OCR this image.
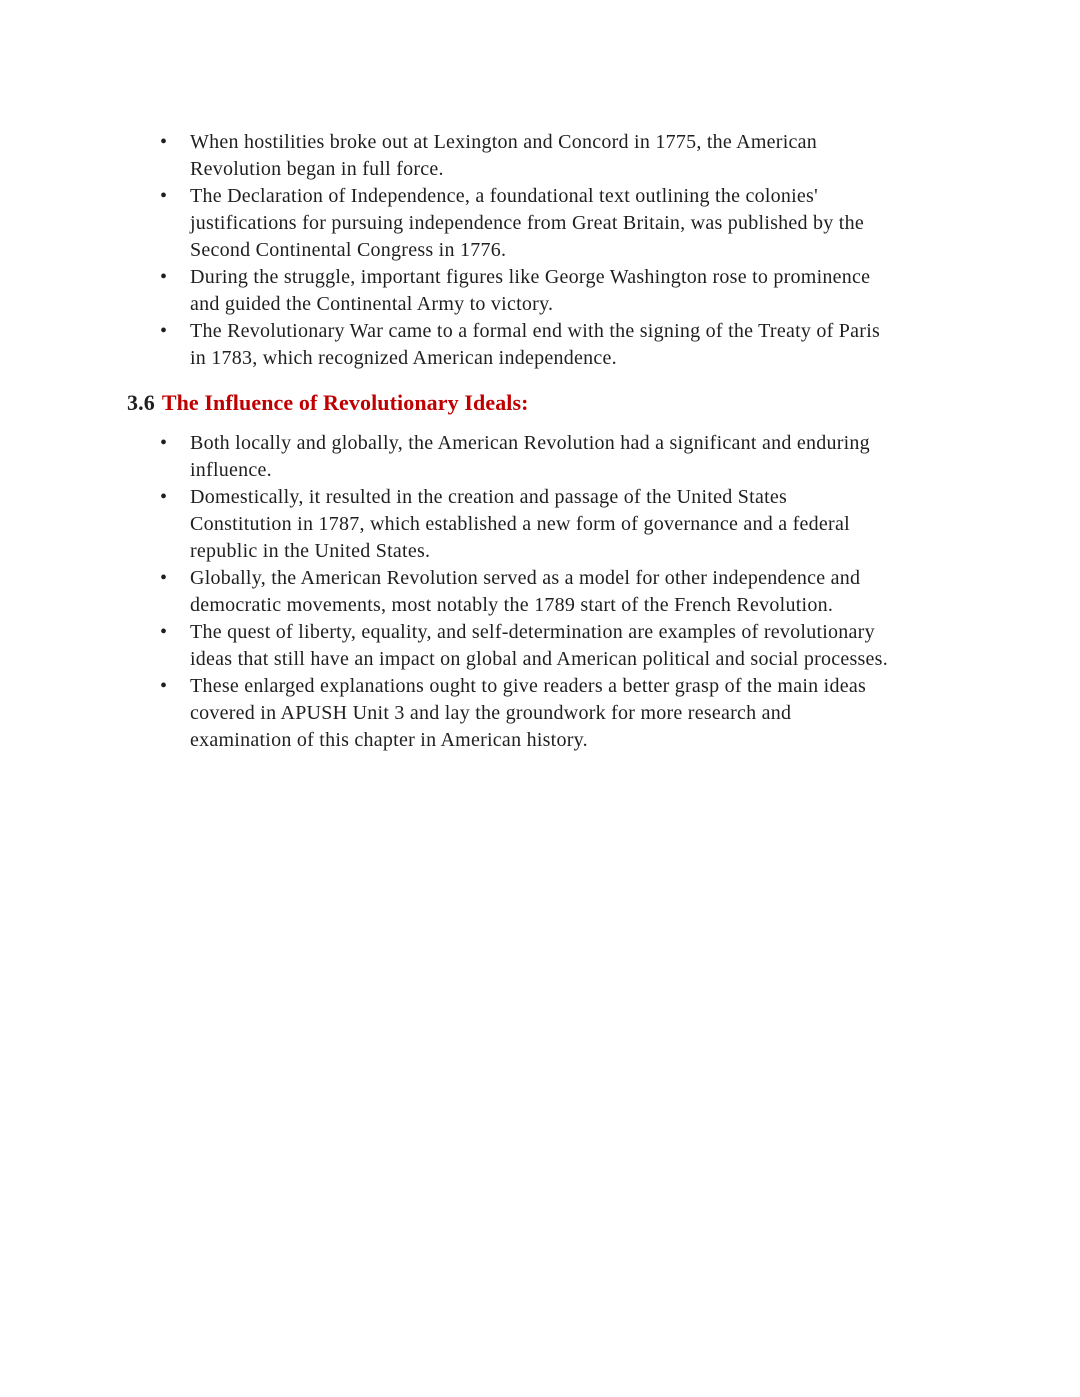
• When hostilities broke out at Lexington and Concord in 1775, the American
Revolution began in full force.
• The Declaration of Independence, a foundational text outlining the colonies'
justifications for pursuing independence from Great Britain, was published by the
Second Continental Congress in 1776.
• During the struggle, important figures like George Washington rose to prominence
and guided the Continental Army to victory.
• The Revolutionary War came to a formal end with the signing of the Treaty of Paris
in 1783, which recognized American independence.
3.6 The Influence of Revolutionary Ideals:
• Both locally and globally, the American Revolution had a significant and enduring
influence.
• Domestically, it resulted in the creation and passage of the United States
Constitution in 1787, which established a new form of governance and a federal
republic in the United States.
• Globally, the American Revolution served as a model for other independence and
democratic movements, most notably the 1789 start of the French Revolution.
• The quest of liberty, equality, and self-determination are examples of revolutionary
ideas that still have an impact on global and American political and social processes.
• These enlarged explanations ought to give readers a better grasp of the main ideas
covered in APUSH Unit 3 and lay the groundwork for more research and
examination of this chapter in American history.
